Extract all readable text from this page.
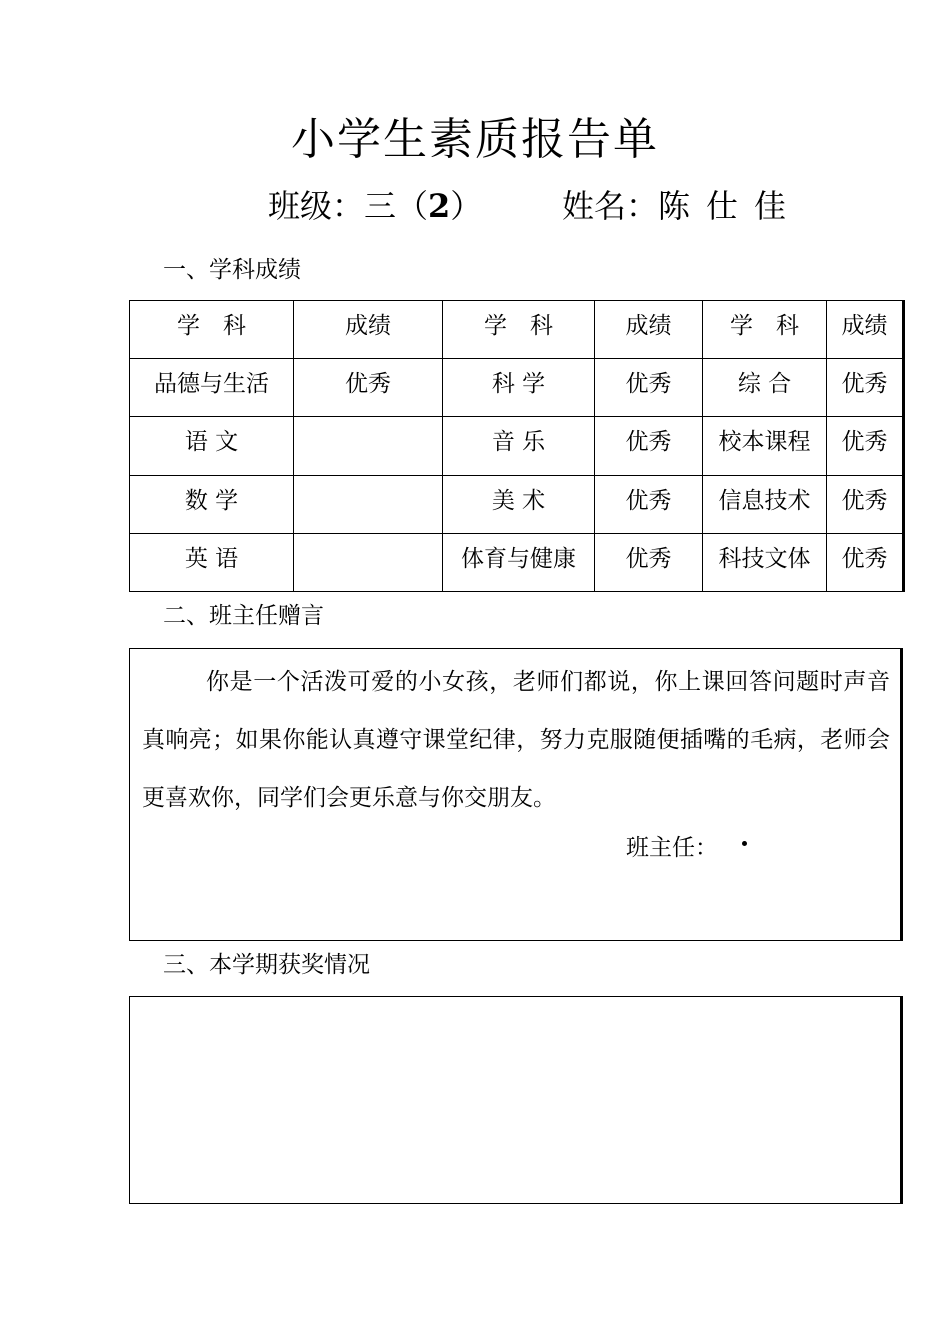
小学生素质报告单
班级：三（2） 姓名：陈仕佳
一、学科成绩
学　科	成绩	学　科	成绩	学　科	成绩
品德与生活	优秀	科 学	优秀	综 合	优秀
语 文		音 乐	优秀	校本课程	优秀
数 学		美 术	优秀	信息技术	优秀
英 语		体育与健康	优秀	科技文体	优秀
二、班主任赠言
你是一个活泼可爱的小女孩，老师们都说，你上课回答问题时声音真响亮；如果你能认真遵守课堂纪律，努力克服随便插嘴的毛病，老师会更喜欢你，同学们会更乐意与你交朋友。
班主任：
三、本学期获奖情况
